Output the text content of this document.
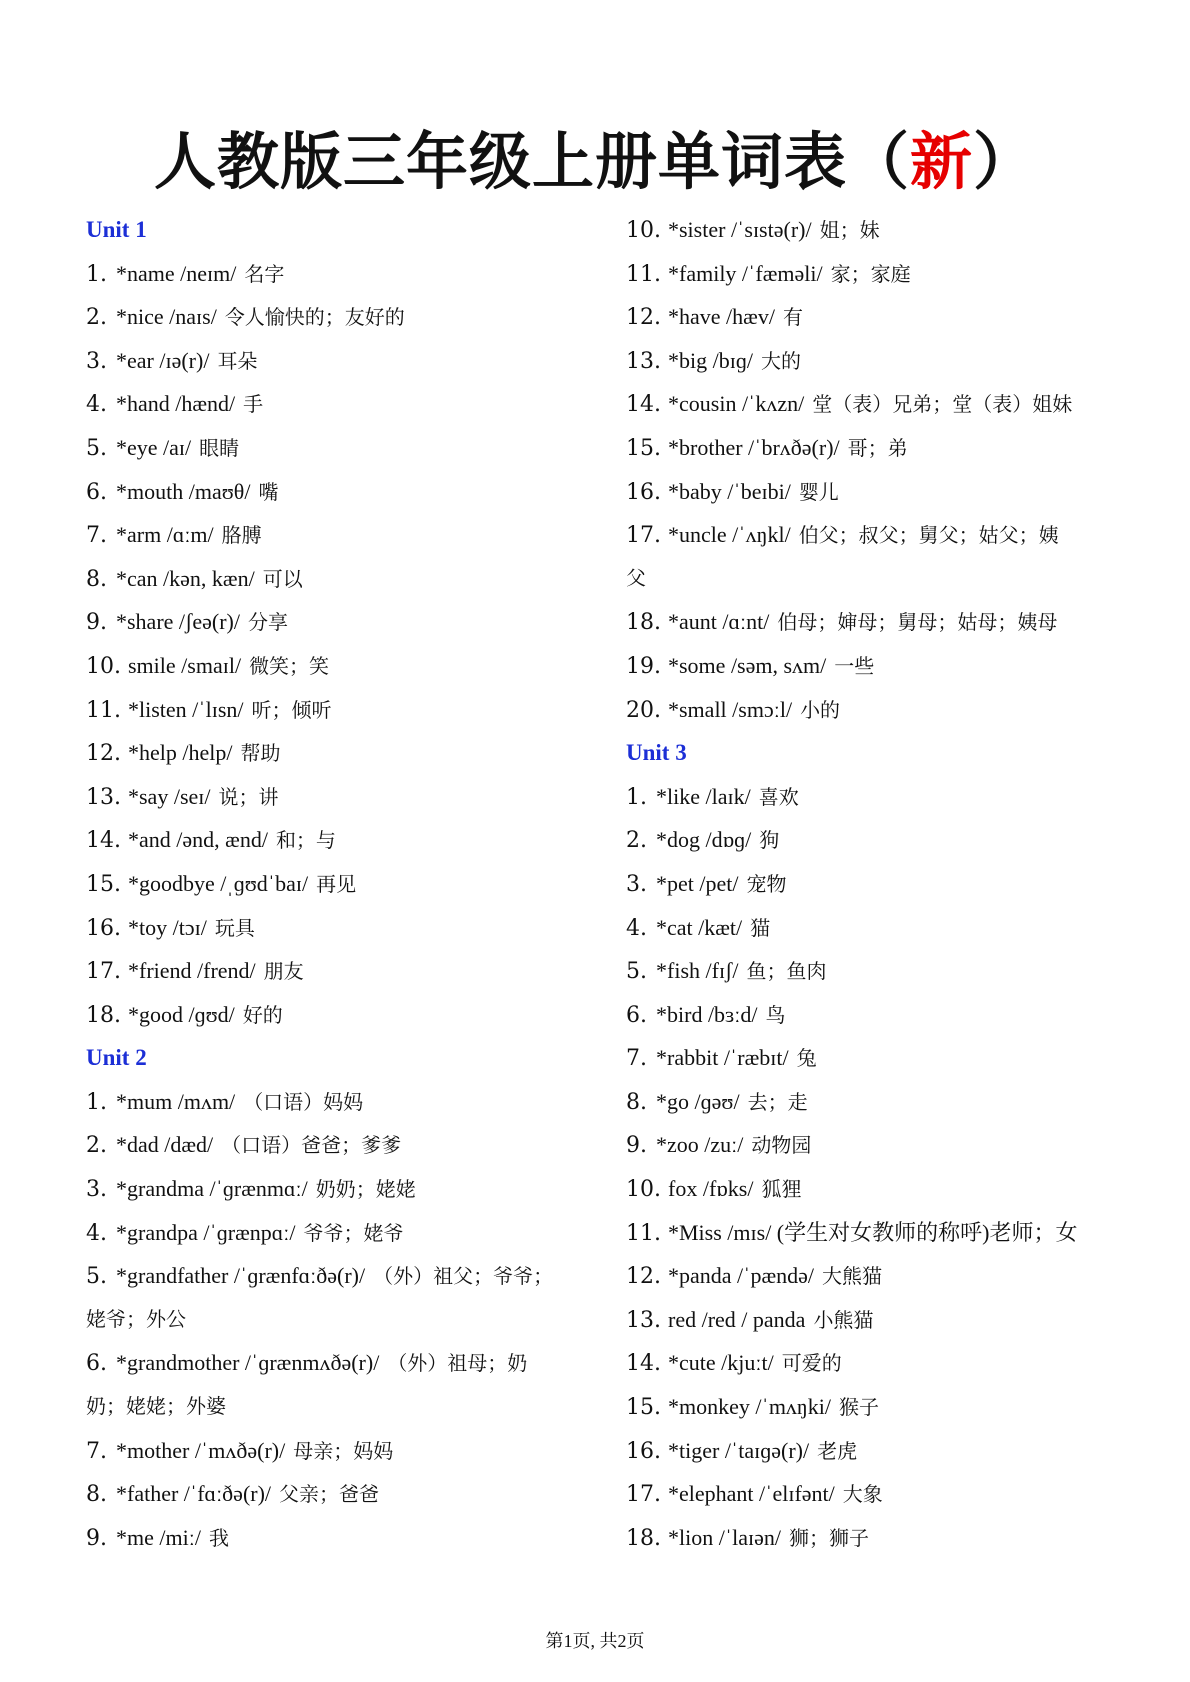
人教版三年级上册单词表（新）
Unit 1
1. *name /neɪm/ 名字
2. *nice /naɪs/ 令人愉快的；友好的
3. *ear /ɪə(r)/ 耳朵
4. *hand /hænd/ 手
5. *eye /aɪ/ 眼睛
6. *mouth /maʊθ/ 嘴
7. *arm /ɑːm/ 胳膊
8. *can /kən, kæn/ 可以
9. *share /ʃeə(r)/ 分享
10. smile /smaɪl/ 微笑；笑
11. *listen /ˈlɪsn/ 听；倾听
12. *help /help/ 帮助
13. *say /seɪ/ 说；讲
14. *and /ənd, ænd/ 和；与
15. *goodbye /ˌɡʊdˈbaɪ/ 再见
16. *toy /tɔɪ/ 玩具
17. *friend /frend/ 朋友
18. *good /ɡʊd/ 好的
Unit 2
1. *mum /mʌm/ （口语）妈妈
2. *dad /dæd/ （口语）爸爸；爹爹
3. *grandma /ˈɡrænmɑː/ 奶奶；姥姥
4. *grandpa /ˈɡrænpɑː/ 爷爷；姥爷
5. *grandfather /ˈɡrænfɑːðə(r)/ （外）祖父；爷爷；
姥爷；外公
6. *grandmother /ˈɡrænmʌðə(r)/ （外）祖母；奶
奶；姥姥；外婆
7. *mother /ˈmʌðə(r)/ 母亲；妈妈
8. *father /ˈfɑːðə(r)/ 父亲；爸爸
9. *me /miː/ 我
10. *sister /ˈsɪstə(r)/ 姐；妹
11. *family /ˈfæməli/ 家；家庭
12. *have /hæv/ 有
13. *big /bɪɡ/ 大的
14. *cousin /ˈkʌzn/ 堂（表）兄弟；堂（表）姐妹
15. *brother /ˈbrʌðə(r)/ 哥；弟
16. *baby /ˈbeɪbi/ 婴儿
17. *uncle /ˈʌŋkl/ 伯父；叔父；舅父；姑父；姨
父
18. *aunt /ɑːnt/ 伯母；婶母；舅母；姑母；姨母
19. *some /səm, sʌm/ 一些
20. *small /smɔːl/ 小的
Unit 3
1. *like /laɪk/ 喜欢
2. *dog /dɒɡ/ 狗
3. *pet /pet/ 宠物
4. *cat /kæt/ 猫
5. *fish /fɪʃ/ 鱼；鱼肉
6. *bird /bɜːd/ 鸟
7. *rabbit /ˈræbɪt/ 兔
8. *go /ɡəʊ/ 去；走
9. *zoo /zuː/ 动物园
10. fox /fɒks/ 狐狸
11. *Miss /mɪs/ (学生对女教师的称呼)老师；女
12. *panda /ˈpændə/ 大熊猫
13. red /red / panda 小熊猫
14. *cute /kjuːt/ 可爱的
15. *monkey /ˈmʌŋki/ 猴子
16. *tiger /ˈtaɪɡə(r)/ 老虎
17. *elephant /ˈelɪfənt/ 大象
18. *lion /ˈlaɪən/ 狮；狮子
第1页, 共2页
